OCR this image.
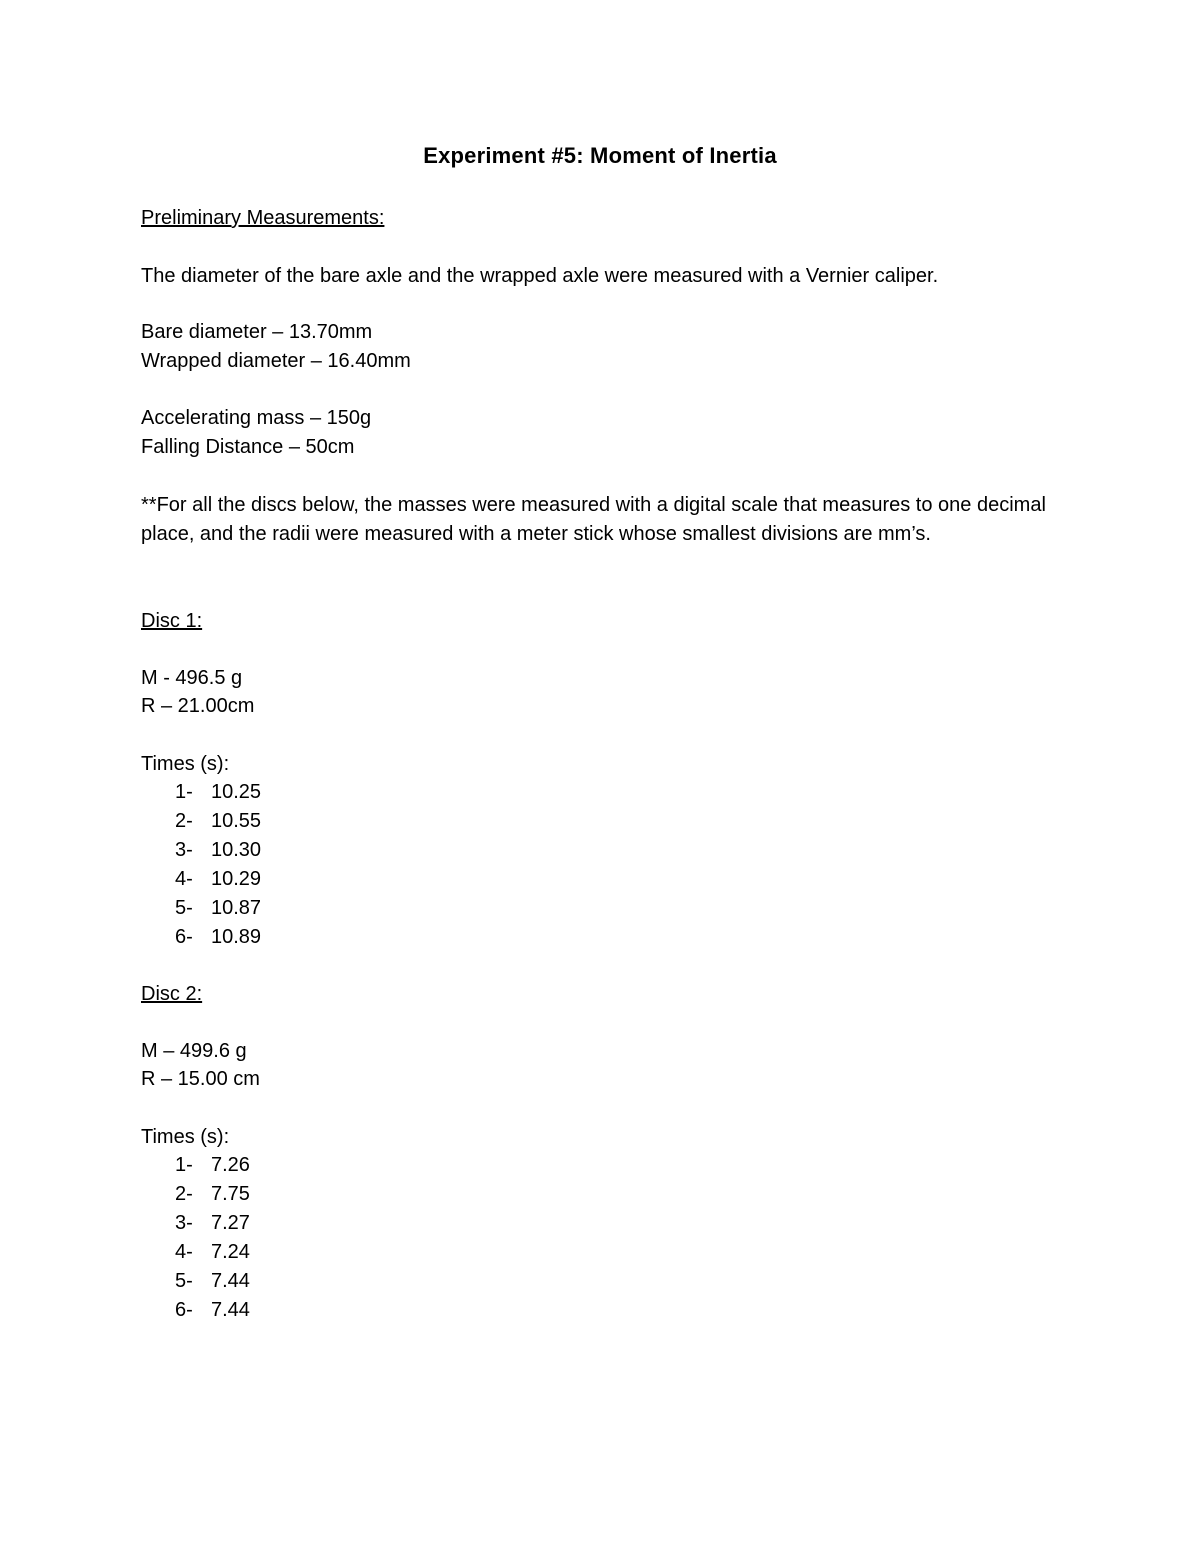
Experiment #5: Moment of Inertia
Preliminary Measurements:
The diameter of the bare axle and the wrapped axle were measured with a Vernier caliper.
Bare diameter – 13.70mm
Wrapped diameter – 16.40mm
Accelerating mass – 150g
Falling Distance – 50cm
**For all the discs below, the masses were measured with a digital scale that measures to one decimal place, and the radii were measured with a meter stick whose smallest divisions are mm’s.
Disc 1:
M - 496.5 g
R – 21.00cm
Times (s):
1- 10.25
2- 10.55
3- 10.30
4- 10.29
5- 10.87
6- 10.89
Disc 2:
M – 499.6 g
R – 15.00 cm
Times (s):
1- 7.26
2- 7.75
3- 7.27
4- 7.24
5- 7.44
6- 7.44
